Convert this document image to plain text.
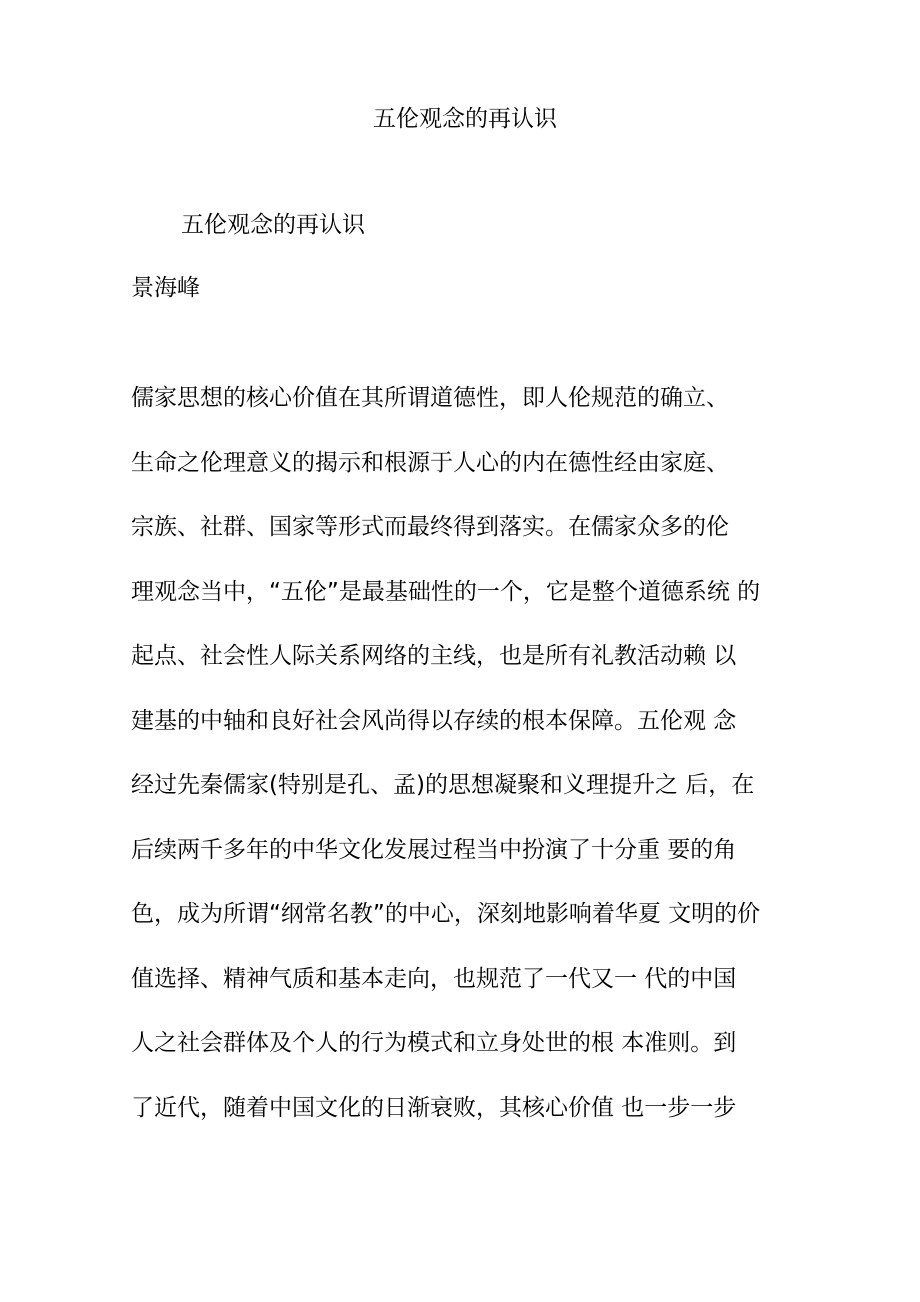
五伦观念的再认识
五伦观念的再认识
景海峰
儒家思想的核心价值在其所谓道德性，即人伦规范的确立、
生命之伦理意义的揭示和根源于人心的内在德性经由家庭、
宗族、社群、国家等形式而最终得到落实。在儒家众多的伦
理观念当中，“五伦”是最基础性的一个，它是整个道德系统 的
起点、社会性人际关系网络的主线，也是所有礼教活动赖 以
建基的中轴和良好社会风尚得以存续的根本保障。五伦观 念
经过先秦儒家(特别是孔、孟)的思想凝聚和义理提升之 后，在
后续两千多年的中华文化发展过程当中扮演了十分重 要的角
色，成为所谓“纲常名教”的中心，深刻地影响着华夏 文明的价
值选择、精神气质和基本走向，也规范了一代又一 代的中国
人之社会群体及个人的行为模式和立身处世的根 本准则。到
了近代，随着中国文化的日渐衰败，其核心价值 也一步一步
